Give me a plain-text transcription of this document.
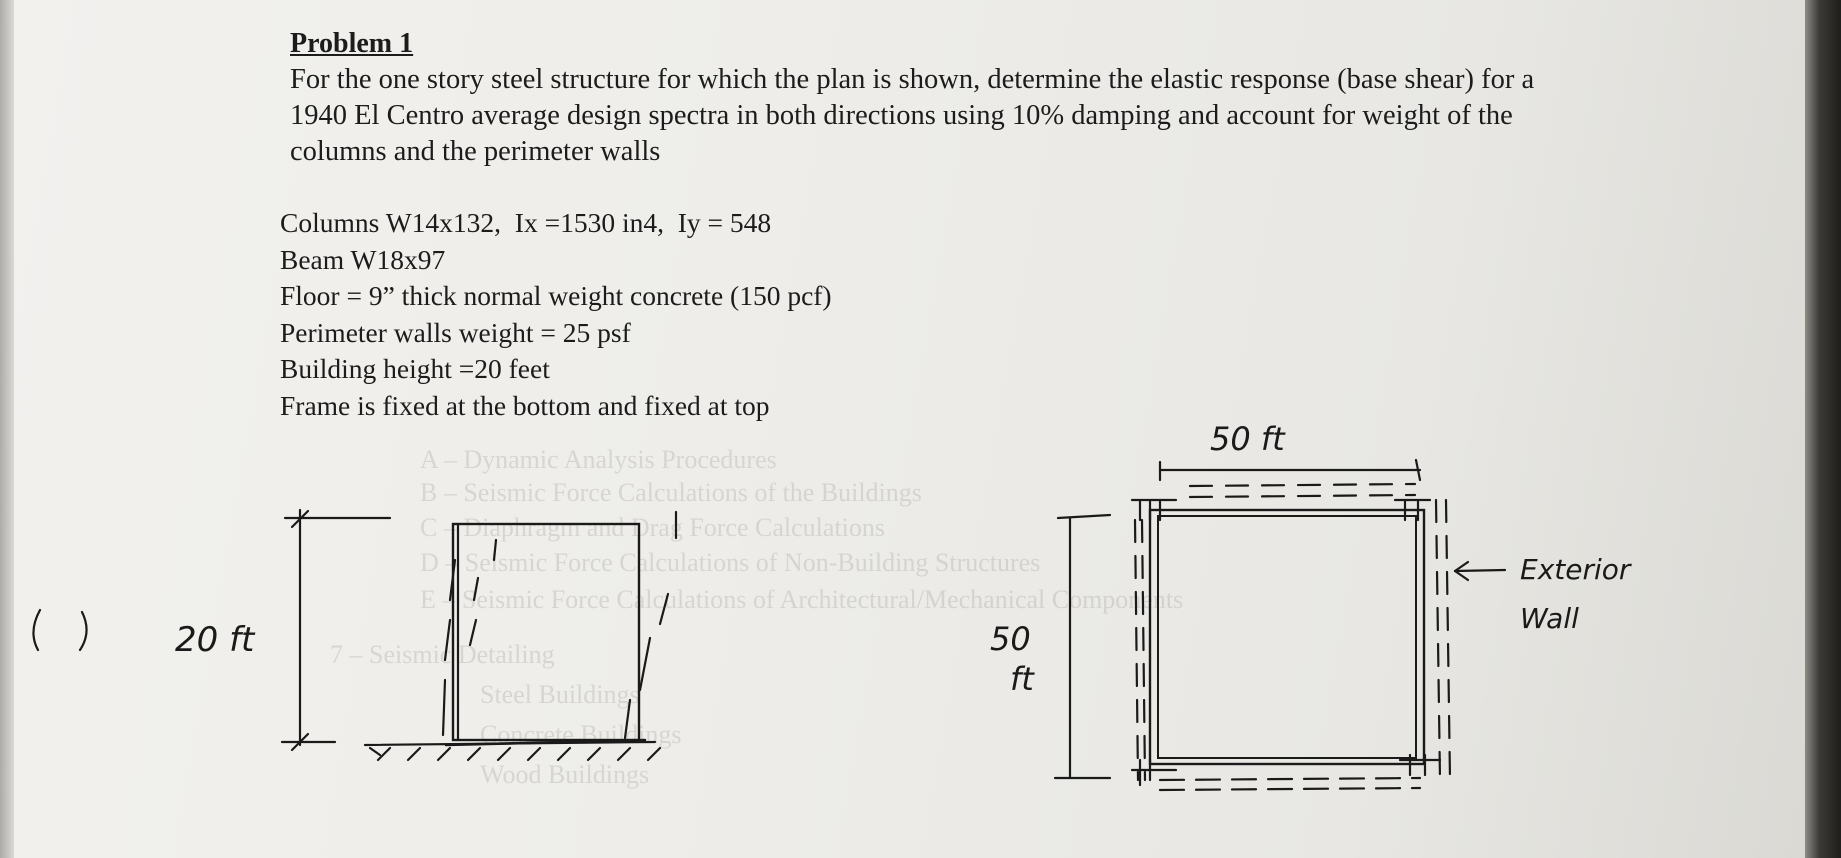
A – Dynamic Analysis Procedures
B – Seismic Force Calculations of the Buildings
C – Diaphragm and Drag Force Calculations
D – Seismic Force Calculations of Non-Building Structures
E – Seismic Force Calculations of Architectural/Mechanical Components
7 – Seismic Detailing
Steel Buildings
Concrete Buildings
Wood Buildings
Problem 1

For the one story steel structure for which the plan is shown, determine the elastic response (base shear) for a 1940 El Centro average design spectra in both directions using 10% damping and account for weight of the columns and the perimeter walls

Columns W14x132,  Ix =1530 in4,  Iy = 548
Beam W18x97
Floor = 9” thick normal weight concrete (150 pcf)
Perimeter walls weight = 25 psf
Building height =20 feet
Frame is fixed at the bottom and fixed at top
20 ft
50 ft
50
ft
Exterior
Wall
